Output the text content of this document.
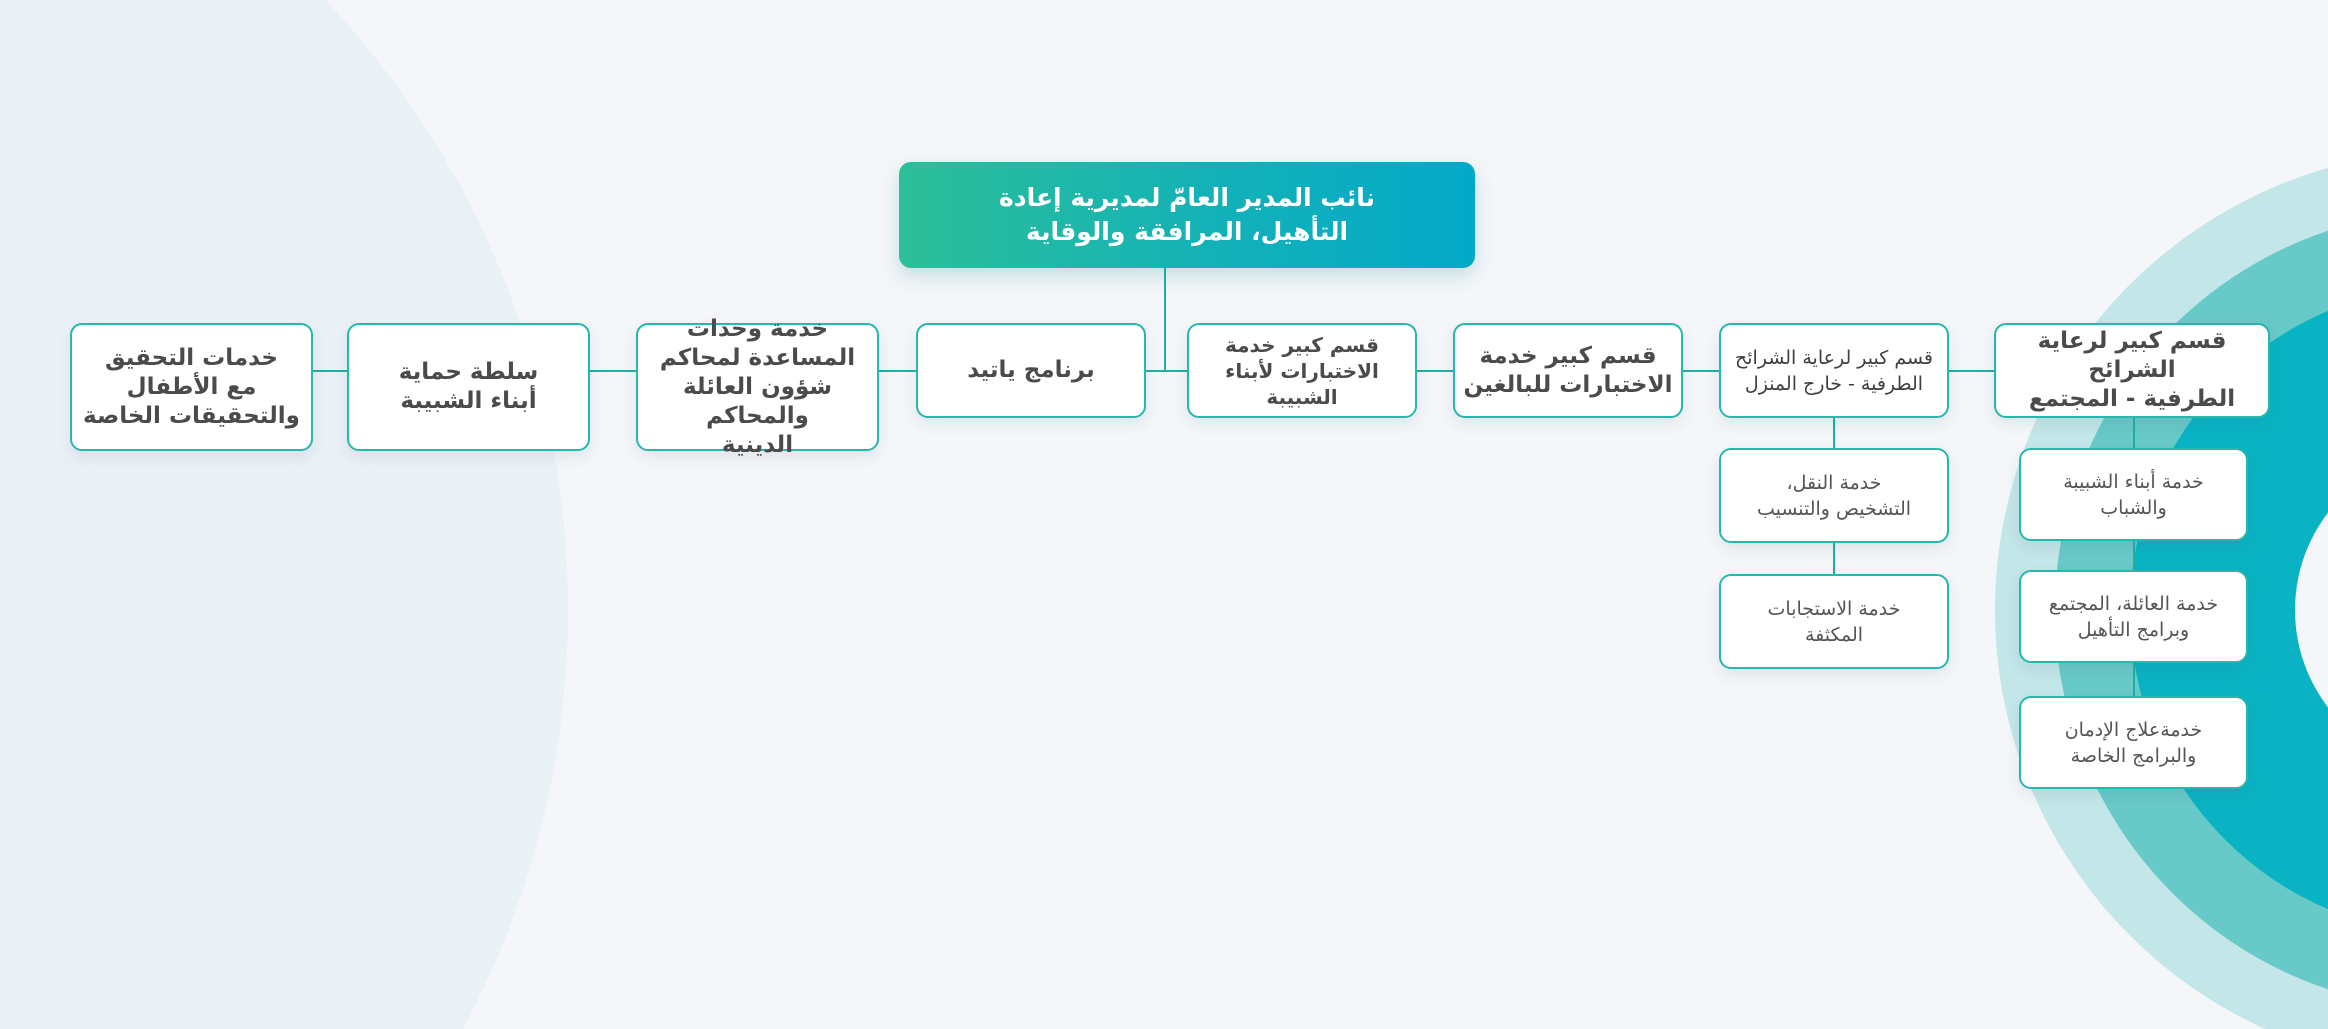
نائب المدير العامّ لمديرية إعادة
التأهيل، المرافقة والوقاية
قسم كبير لرعاية الشرائح
الطرفية - المجتمع
قسم كبير لرعاية الشرائح
الطرفية - خارج المنزل
قسم كبير خدمة
الاختبارات للبالغين
قسم كبير خدمة
الاختبارات لأبناء الشبيبة
برنامج ياتيد
خدمة وحدات
المساعدة لمحاكم
شؤون العائلة والمحاكم
الدينية
سلطة حماية
أبناء الشبيبة
خدمات التحقيق
مع الأطفال
والتحقيقات الخاصة
خدمة أبناء الشبيبة
والشباب
خدمة العائلة، المجتمع
وبرامج التأهيل
خدمةعلاج الإدمان
والبرامج الخاصة
خدمة النقل،
التشخيص والتنسيب
خدمة الاستجابات
المكثفة
